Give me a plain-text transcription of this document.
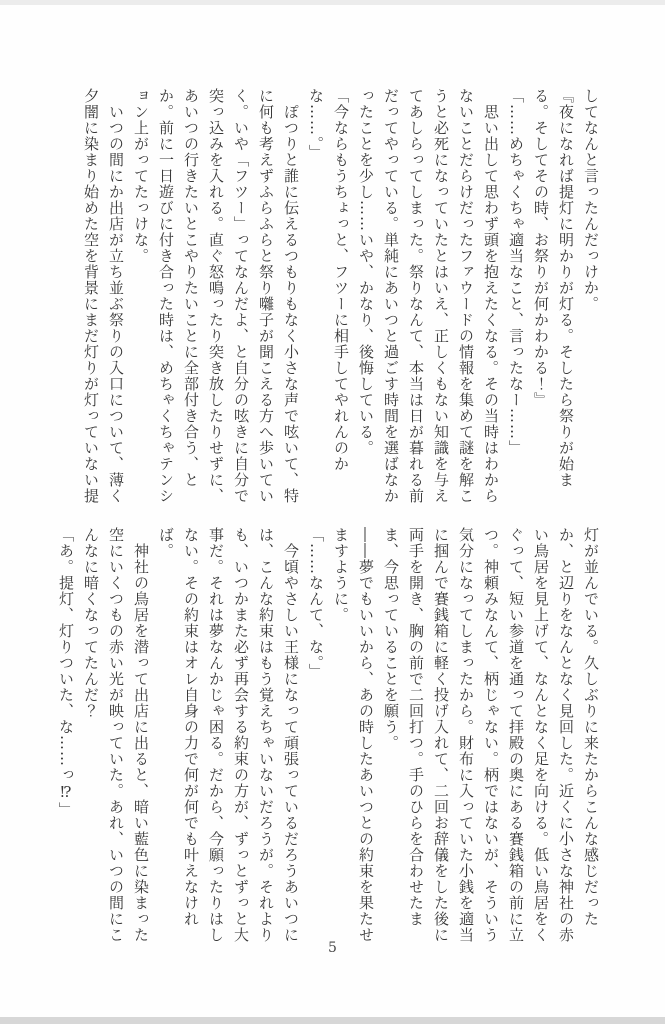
してなんと言ったんだっけか。

『夜になれば提灯に明かりが灯る。そしたら祭りが始まる。そしてその時、お祭りが何かわかる！』

「……めちゃくちゃ適当なこと、言ったなー……」

思い出して思わず頭を抱えたくなる。その当時はわからないことだらけだったファウードの情報を集めて謎を解こうと必死になっていたとはいえ、正しくもない知識を与えてあしらってしまった。祭りなんて、本当は日が暮れる前だってやっている。単純にあいつと過ごす時間を選ばなかったことを少し……いや、かなり、後悔している。

「今ならもうちょっと、フツーに相手してやれんのかな……。」

ぽつりと誰に伝えるつもりもなく小さな声で呟いて、特に何も考えずふらふらと祭り囃子が聞こえる方へ歩いていく。いや「フツー」ってなんだよ、と自分の呟きに自分で突っ込みを入れる。直ぐ怒鳴ったり突き放したりせずに、あいつの行きたいとこやりたいことに全部付き合う、とか。前に一日遊びに付き合った時は、めちゃくちゃテンション上がってたっけな。

いつの間にか出店が立ち並ぶ祭りの入口について、薄く夕闇に染まり始めた空を背景にまだ灯りが灯っていない提

灯が並んでいる。久しぶりに来たからこんな感じだったか、と辺りをなんとなく見回した。近くに小さな神社の赤い鳥居を見上げて、なんとなく足を向ける。低い鳥居をくぐって、短い参道を通って拝殿の奥にある賽銭箱の前に立つ。神頼みなんて、柄じゃない。柄ではないが、そういう気分になってしまったから。財布に入っていた小銭を適当に掴んで賽銭箱に軽く投げ入れて、二回お辞儀をした後に両手を開き、胸の前で二回打つ。手のひらを合わせたまま、今思っていることを願う。

――夢でもいいから、あの時したあいつとの約束を果たせますように。

「……なんて、な。」

今頃やさしい王様になって頑張っているだろうあいつには、こんな約束はもう覚えちゃいないだろうが。それよりも、いつかまた必ず再会する約束の方が、ずっとずっと大事だ。それは夢なんかじゃ困る。だから、今願ったりはしない。その約束はオレ自身の力で何が何でも叶えなければ。

神社の鳥居を潜って出店に出ると、暗い藍色に染まった空にいくつもの赤い光が映っていた。あれ、いつの間にこんなに暗くなってたんだ？

「あ。提灯、灯りついた、な……っ⁉」

5
